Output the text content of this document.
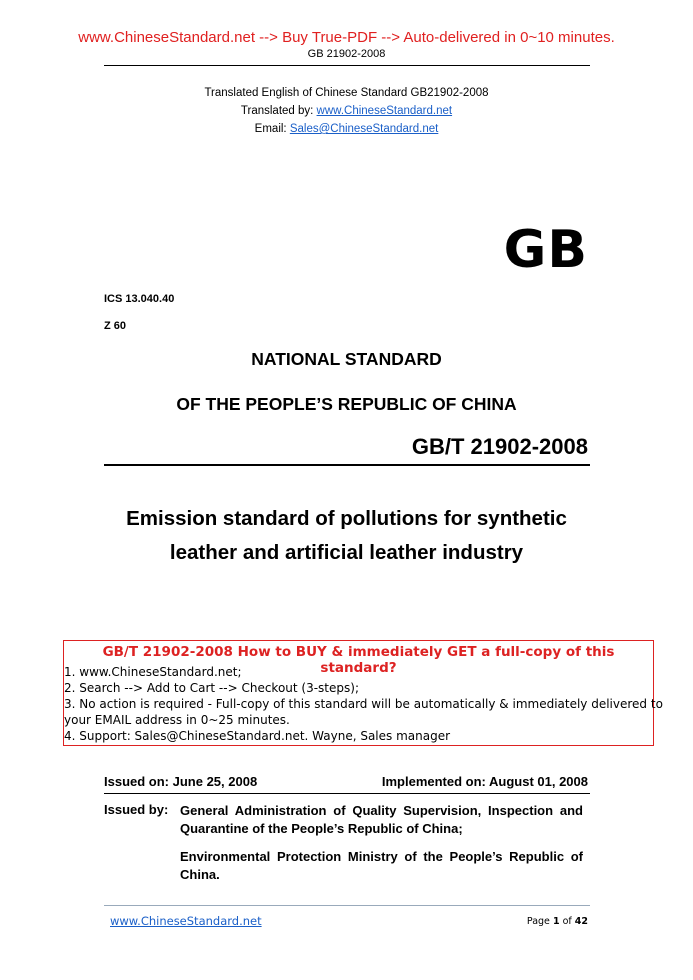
www.ChineseStandard.net --> Buy True-PDF --> Auto-delivered in 0~10 minutes.
GB 21902-2008
Translated English of Chinese Standard GB21902-2008
Translated by: www.ChineseStandard.net
Email: Sales@ChineseStandard.net
GB
ICS 13.040.40
Z 60
NATIONAL STANDARD
OF THE PEOPLE’S REPUBLIC OF CHINA
GB/T 21902-2008
Emission standard of pollutions for synthetic
leather and artificial leather industry
GB/T 21902-2008 How to BUY & immediately GET a full-copy of this standard?
1. www.ChineseStandard.net;
2. Search --> Add to Cart --> Checkout (3-steps);
3. No action is required - Full-copy of this standard will be automatically & immediately delivered to
your EMAIL address in 0~25 minutes.
4. Support: Sales@ChineseStandard.net. Wayne, Sales manager
Issued on: June 25, 2008	Implemented on: August 01, 2008
Issued by: General Administration of Quality Supervision, Inspection and Quarantine of the People’s Republic of China;
Environmental Protection Ministry of the People’s Republic of China.
www.ChineseStandard.net	Page 1 of 42
